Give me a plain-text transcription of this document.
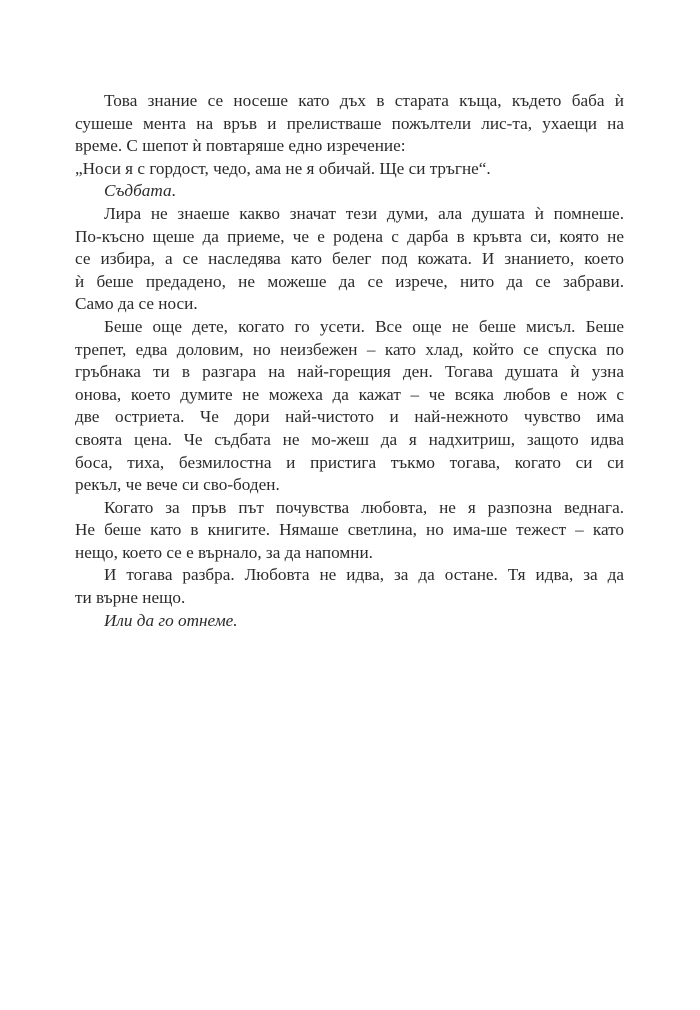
Това знание се носеше като дъх в старата къща, където баба ѝ
сушеше мента на връв и прелистваше пожълтели лис-та, ухаещи на
време. С шепот ѝ повтаряше едно изречение:
„Носи я с гордост, чедо, ама не я обичай. Ще си тръгне“.
Съдбата.
Лира не знаеше какво значат тези думи, ала душата ѝ помнеше.
По-късно щеше да приеме, че е родена с дарба в кръвта си, която не
се избира, а се наследява като белег под кожата. И знанието, което
ѝ беше предадено, не можеше да се изрече, нито да се забрави.
Само да се носи.
Беше още дете, когато го усети. Все още не беше мисъл. Беше
трепет, едва доловим, но неизбежен – като хлад, който се спуска по
гръбнака ти в разгара на най-горещия ден. Тогава душата ѝ узна
онова, което думите не можеха да кажат – че всяка любов е нож с
две остриета. Че дори най-чистото и най-нежното чувство има
своята цена. Че съдбата не мо-жеш да я надхитриш, защото идва
боса, тиха, безмилостна и пристига тъкмо тогава, когато си си
рекъл, че вече си сво-боден.
Когато за пръв път почувства любовта, не я разпозна веднага.
Не беше като в книгите. Нямаше светлина, но има-ше тежест – като
нещо, което се е върнало, за да напомни.
И тогава разбра. Любовта не идва, за да остане. Тя идва, за да
ти върне нещо.
Или да го отнеме.
